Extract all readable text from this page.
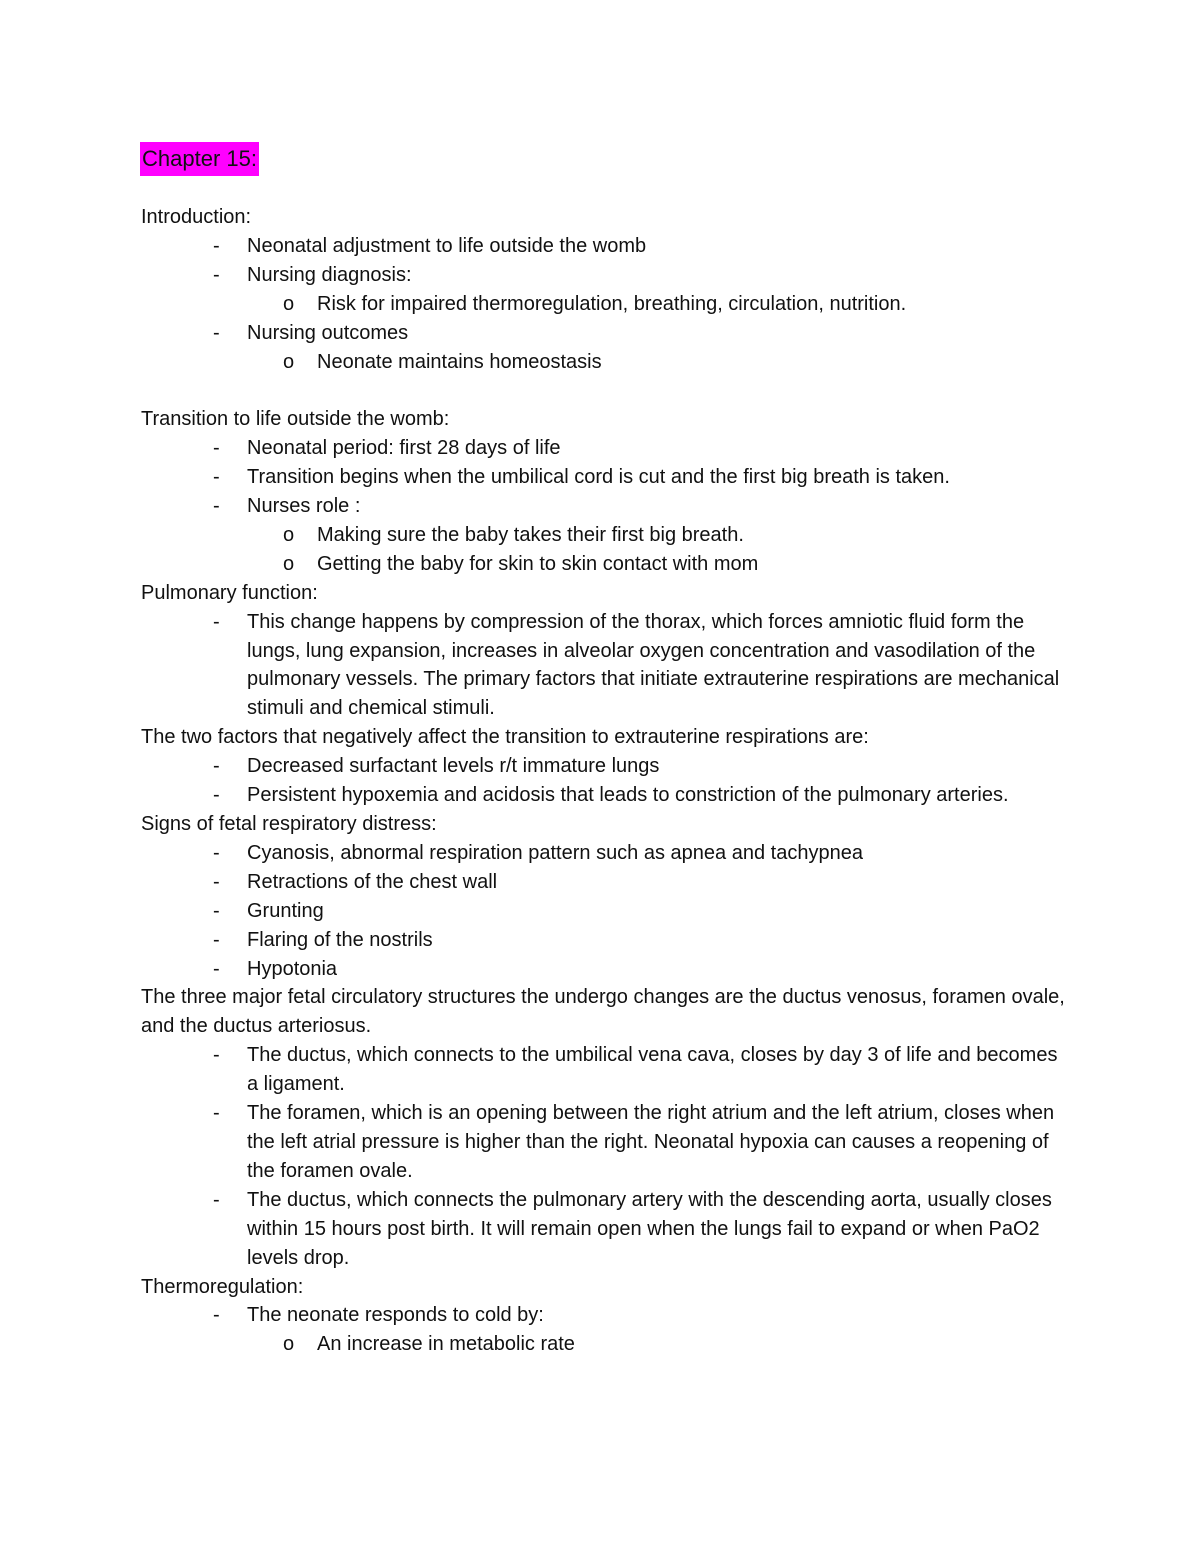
Chapter 15:

Introduction:

- Neonatal adjustment to life outside the womb
- Nursing diagnosis:
o Risk for impaired thermoregulation, breathing, circulation, nutrition.
- Nursing outcomes
o Neonate maintains homeostasis

Transition to life outside the womb:

- Neonatal period: first 28 days of life
- Transition begins when the umbilical cord is cut and the first big breath is taken.
- Nurses role :
o Making sure the baby takes their first big breath.
o Getting the baby for skin to skin contact with mom

Pulmonary function:

- This change happens by compression of the thorax, which forces amniotic fluid form the lungs, lung expansion, increases in alveolar oxygen concentration and vasodilation of the pulmonary vessels. The primary factors that initiate extrauterine respirations are mechanical stimuli and chemical stimuli.

The two factors that negatively affect the transition to extrauterine respirations are:

- Decreased surfactant levels r/t immature lungs
- Persistent hypoxemia and acidosis that leads to constriction of the pulmonary arteries.

Signs of fetal respiratory distress:

- Cyanosis, abnormal respiration pattern such as apnea and tachypnea
- Retractions of the chest wall
- Grunting
- Flaring of the nostrils
- Hypotonia

The three major fetal circulatory structures the undergo changes are the ductus venosus, foramen ovale, and the ductus arteriosus.

- The ductus, which connects to the umbilical vena cava, closes by day 3 of life and becomes a ligament.
- The foramen, which is an opening between the right atrium and the left atrium, closes when the left atrial pressure is higher than the right. Neonatal hypoxia can causes a reopening of the foramen ovale.
- The ductus, which connects the pulmonary artery with the descending aorta, usually closes within 15 hours post birth. It will remain open when the lungs fail to expand or when PaO2 levels drop.

Thermoregulation:

- The neonate responds to cold by:
o An increase in metabolic rate
